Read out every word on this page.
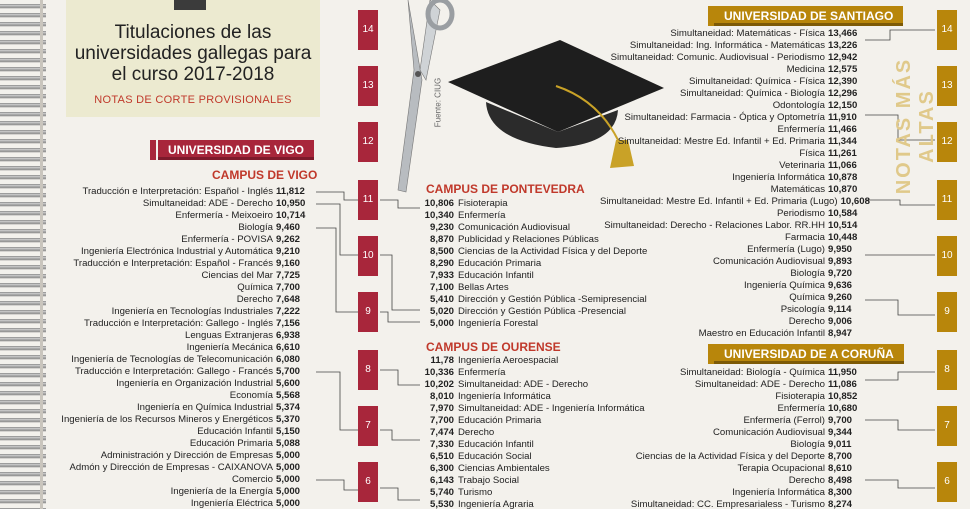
Titulaciones de las universidades gallegas para el curso 2017-2018
NOTAS DE CORTE PROVISIONALES	Fuente: CIUG
14
13
12
11
10
9
8
7
6
14
13
12
11
10
9
8
7
6
NOTAS MÁS ALTAS
UNIVERSIDAD DE VIGO
CAMPUS DE VIGO
Traducción e Interpretación: Español - Inglés 11,812
Simultaneidad: ADE - Derecho 10,950
Enfermería - Meixoeiro 10,714
Biología 9,460
Enfermería - POVISA 9,262
Ingeniería Electrónica Industrial y Automática 9,210
Traducción e Interpretación: Español - Francés 9,160
Ciencias del Mar 7,725
Química 7,700
Derecho 7,648
Ingeniería en Tecnologías Industriales 7,222
Traducción e Interpretación: Gallego - Inglés 7,156
Lenguas Extranjeras 6,938
Ingeniería Mecánica 6,610
Ingeniería de Tecnologías de Telecomunicación 6,080
Traducción e Interpretación: Gallego - Francés 5,700
Ingeniería en Organización Industrial 5,600
Economía 5,568
Ingeniería en Química Industrial 5,374
Ingeniería de los Recursos Mineros y Energéticos 5,370
Educación Infantil 5,150
Educación Primaria 5,088
Administración y Dirección de Empresas 5,000
Admón y Dirección de Empresas - CAIXANOVA 5,000
Comercio 5,000
Ingeniería de la Energía 5,000
Ingeniería Eléctrica 5,000
CAMPUS DE PONTEVEDRA
10,806 Fisioterapia
10,340 Enfermería
9,230 Comunicación Audiovisual
8,870 Publicidad y Relaciones Públicas
8,500 Ciencias de la Actividad Física y del Deporte
8,290 Educación Primaria
7,933 Educación Infantil
7,100 Bellas Artes
5,410 Dirección y Gestión Pública -Semipresencial
5,020 Dirección y Gestión Pública -Presencial
5,000 Ingeniería Forestal
CAMPUS DE OURENSE
11,78 Ingeniería Aeroespacial
10,336 Enfermería
10,202 Simultaneidad: ADE - Derecho
8,010 Ingeniería Informática
7,970 Simultaneidad: ADE - Ingeniería Informática
7,700 Educación Primaria
7,474 Derecho
7,330 Educación Infantil
6,510 Educación Social
6,300 Ciencias Ambientales
6,143 Trabajo Social
5,740 Turismo
5,530 Ingeniería Agraria
UNIVERSIDAD DE SANTIAGO
Simultaneidad: Matemáticas - Física 13,466
Simultaneidad: Ing. Informática - Matemáticas 13,226
Simultaneidad: Comunic. Audiovisual - Periodismo 12,942
Medicina 12,575
Simultaneidad: Química - Física 12,390
Simultaneidad: Química - Biología 12,296
Odontología 12,150
Simultaneidad: Farmacia - Óptica y Optometría 11,910
Enfermería 11,466
Simultaneidad: Mestre Ed. Infantil + Ed. Primaria 11,344
Física 11,261
Veterinaria 11,066
Ingeniería Informática 10,878
Matemáticas 10,870
Simultaneidad: Mestre Ed. Infantil + Ed. Primaria (Lugo) 10,608
Periodismo 10,584
Simultaneidad: Derecho - Relaciones Labor. RR.HH 10,514
Farmacia 10,448
Enfermería (Lugo) 9,950
Comunicación Audiovisual 9,893
Biología 9,720
Ingeniería Química 9,636
Química 9,260
Psicología 9,114
Derecho 9,006
Maestro en Educación Infantil 8,947
UNIVERSIDAD DE A CORUÑA
Simultaneidad: Biología - Química 11,950
Simultaneidad: ADE - Derecho 11,086
Fisioterapia 10,852
Enfermería 10,680
Enfermería (Ferrol) 9,700
Comunicación Audiovisual 9,344
Biología 9,011
Ciencias de la Actividad Física y del Deporte 8,700
Terapia Ocupacional 8,610
Derecho 8,498
Ingeniería Informática 8,300
Simultaneidad: CC. Empresarialess - Turismo 8,274
